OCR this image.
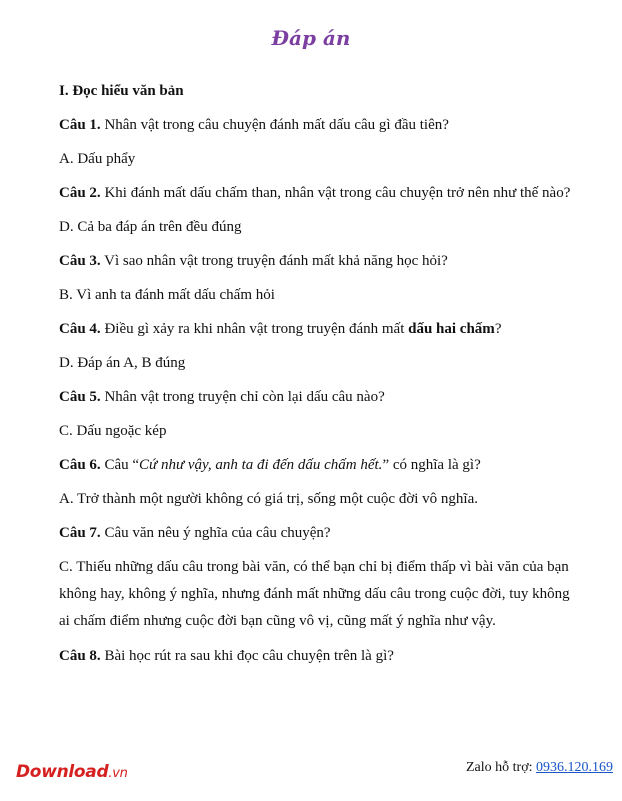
Đáp án
I. Đọc hiểu văn bản
Câu 1. Nhân vật trong câu chuyện đánh mất dấu câu gì đầu tiên?
A. Dấu phẩy
Câu 2. Khi đánh mất dấu chấm than, nhân vật trong câu chuyện trở nên như thế nào?
D. Cả ba đáp án trên đều đúng
Câu 3. Vì sao nhân vật trong truyện đánh mất khả năng học hỏi?
B. Vì anh ta đánh mất dấu chấm hỏi
Câu 4. Điều gì xảy ra khi nhân vật trong truyện đánh mất dấu hai chấm?
D. Đáp án A, B đúng
Câu 5. Nhân vật trong truyện chỉ còn lại dấu câu nào?
C. Dấu ngoặc kép
Câu 6. Câu “Cứ như vậy, anh ta đi đến dấu chấm hết.” có nghĩa là gì?
A. Trở thành một người không có giá trị, sống một cuộc đời vô nghĩa.
Câu 7. Câu văn nêu ý nghĩa của câu chuyện?
C. Thiếu những dấu câu trong bài văn, có thể bạn chỉ bị điểm thấp vì bài văn của bạn không hay, không ý nghĩa, nhưng đánh mất những dấu câu trong cuộc đời, tuy không ai chấm điểm nhưng cuộc đời bạn cũng vô vị, cũng mất ý nghĩa như vậy.
Câu 8. Bài học rút ra sau khi đọc câu chuyện trên là gì?
Download.vn	Zalo hỗ trợ: 0936.120.169
